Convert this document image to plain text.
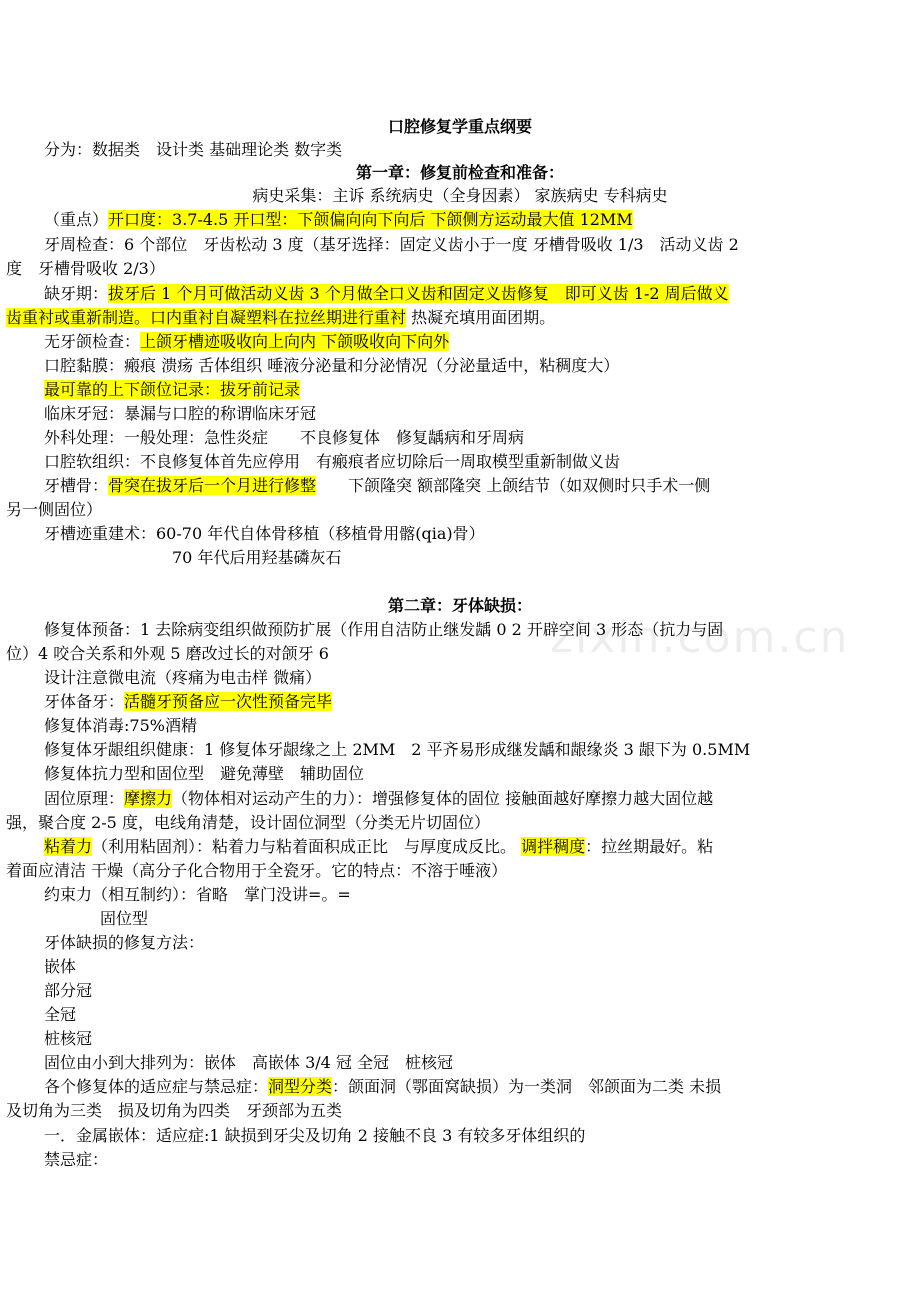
zixin.com.cn
口腔修复学重点纲要
分为：数据类　设计类 基础理论类 数字类
第一章：修复前检查和准备：
病史采集：主诉 系统病史（全身因素） 家族病史 专科病史
（重点）开口度：3.7-4.5 开口型：下颌偏向向下向后 下颌侧方运动最大值 12MM
牙周检查：6 个部位　牙齿松动 3 度（基牙选择：固定义齿小于一度 牙槽骨吸收 1/3　活动义齿 2
度　牙槽骨吸收 2/3）
缺牙期：拔牙后 1 个月可做活动义齿 3 个月做全口义齿和固定义齿修复　即可义齿 1-2 周后做义
齿重衬或重新制造。口内重衬自凝塑料在拉丝期进行重衬 热凝充填用面团期。
无牙颌检查：上颌牙槽迹吸收向上向内 下颌吸收向下向外
口腔黏膜：瘢痕 溃疡 舌体组织 唾液分泌量和分泌情况（分泌量适中，粘稠度大）
最可靠的上下颌位记录：拔牙前记录
临床牙冠：暴漏与口腔的称谓临床牙冠
外科处理：一般处理：急性炎症　　不良修复体　修复龋病和牙周病
口腔软组织：不良修复体首先应停用　有瘢痕者应切除后一周取模型重新制做义齿
牙槽骨：骨突在拔牙后一个月进行修整　　下颌隆突 额部隆突 上颌结节（如双侧时只手术一侧
另一侧固位）
牙槽迹重建术：60-70 年代自体骨移植（移植骨用髂(qia)骨）
70 年代后用羟基磷灰石
第二章：牙体缺损：
修复体预备：1 去除病变组织做预防扩展（作用自洁防止继发龋 0 2 开辟空间 3 形态（抗力与固
位）4 咬合关系和外观 5 磨改过长的对颌牙 6
设计注意微电流（疼痛为电击样 微痛）
牙体备牙：活髓牙预备应一次性预备完毕
修复体消毒:75%酒精
修复体牙龈组织健康：1 修复体牙龈缘之上 2MM　2 平齐易形成继发龋和龈缘炎 3 龈下为 0.5MM
修复体抗力型和固位型　避免薄壁　辅助固位
固位原理：摩擦力（物体相对运动产生的力）：增强修复体的固位 接触面越好摩擦力越大固位越
强，聚合度 2-5 度，电线角清楚，设计固位洞型（分类无片切固位）
粘着力（利用粘固剂）：粘着力与粘着面积成正比　与厚度成反比。 调拌稠度：拉丝期最好。粘
着面应清洁 干燥（高分子化合物用于全瓷牙。它的特点：不溶于唾液）
约束力（相互制约）：省略　掌门没讲=。=
固位型
牙体缺损的修复方法：
嵌体
部分冠
全冠
桩核冠
固位由小到大排列为：嵌体　高嵌体 3/4 冠 全冠　桩核冠
各个修复体的适应症与禁忌症：洞型分类：颌面洞（鄂面窝缺损）为一类洞　邻颌面为二类 未损
及切角为三类　损及切角为四类　牙颈部为五类
一．金属嵌体：适应症:1 缺损到牙尖及切角 2 接触不良 3 有较多牙体组织的
禁忌症：
